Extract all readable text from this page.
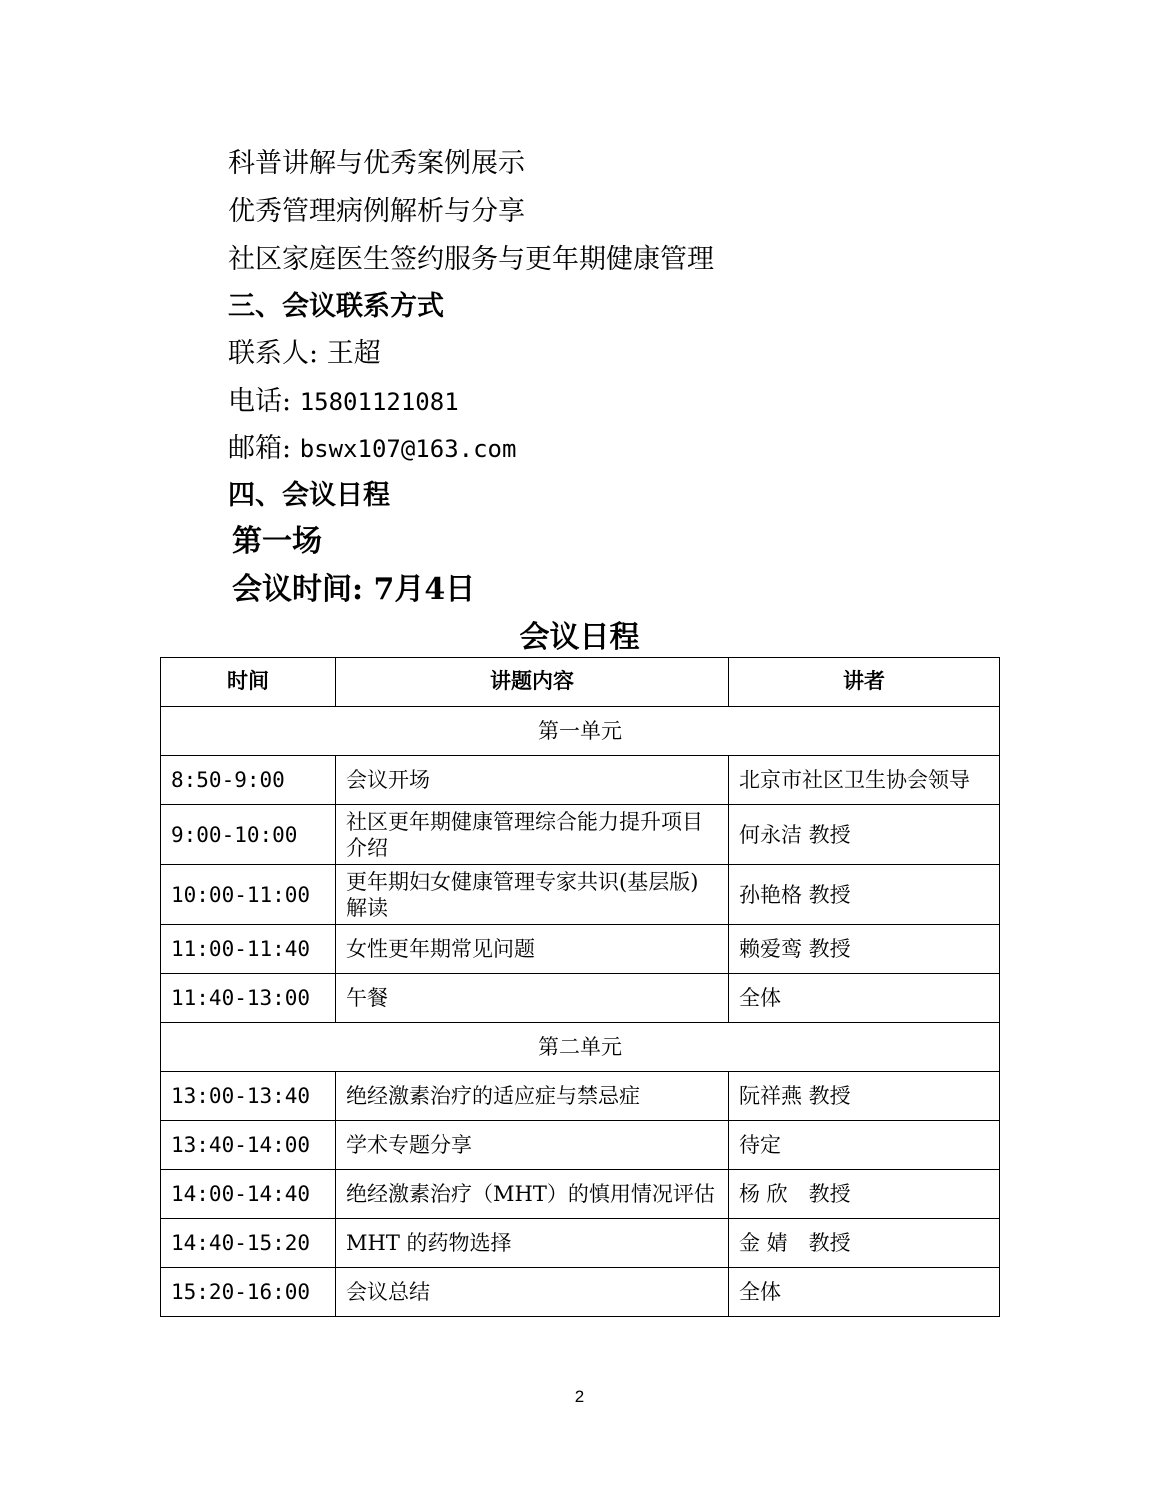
科普讲解与优秀案例展示
优秀管理病例解析与分享
社区家庭医生签约服务与更年期健康管理
三、会议联系方式
联系人: 王超
电话: 15801121081
邮箱: bswx107@163.com
四、会议日程
第一场
会议时间: 7月4日
会议日程
时间	讲题内容	讲者
第一单元		
8:50-9:00	会议开场	北京市社区卫生协会领导
9:00-10:00	社区更年期健康管理综合能力提升项目介绍	何永洁 教授
10:00-11:00	更年期妇女健康管理专家共识(基层版)解读	孙艳格 教授
11:00-11:40	女性更年期常见问题	赖爱鸾 教授
11:40-13:00	午餐	全体
第二单元		
13:00-13:40	绝经激素治疗的适应症与禁忌症	阮祥燕 教授
13:40-14:00	学术专题分享	待定
14:00-14:40	绝经激素治疗（MHT）的慎用情况评估	杨 欣　教授
14:40-15:20	MHT 的药物选择	金 婧　教授
15:20-16:00	会议总结	全体
2
